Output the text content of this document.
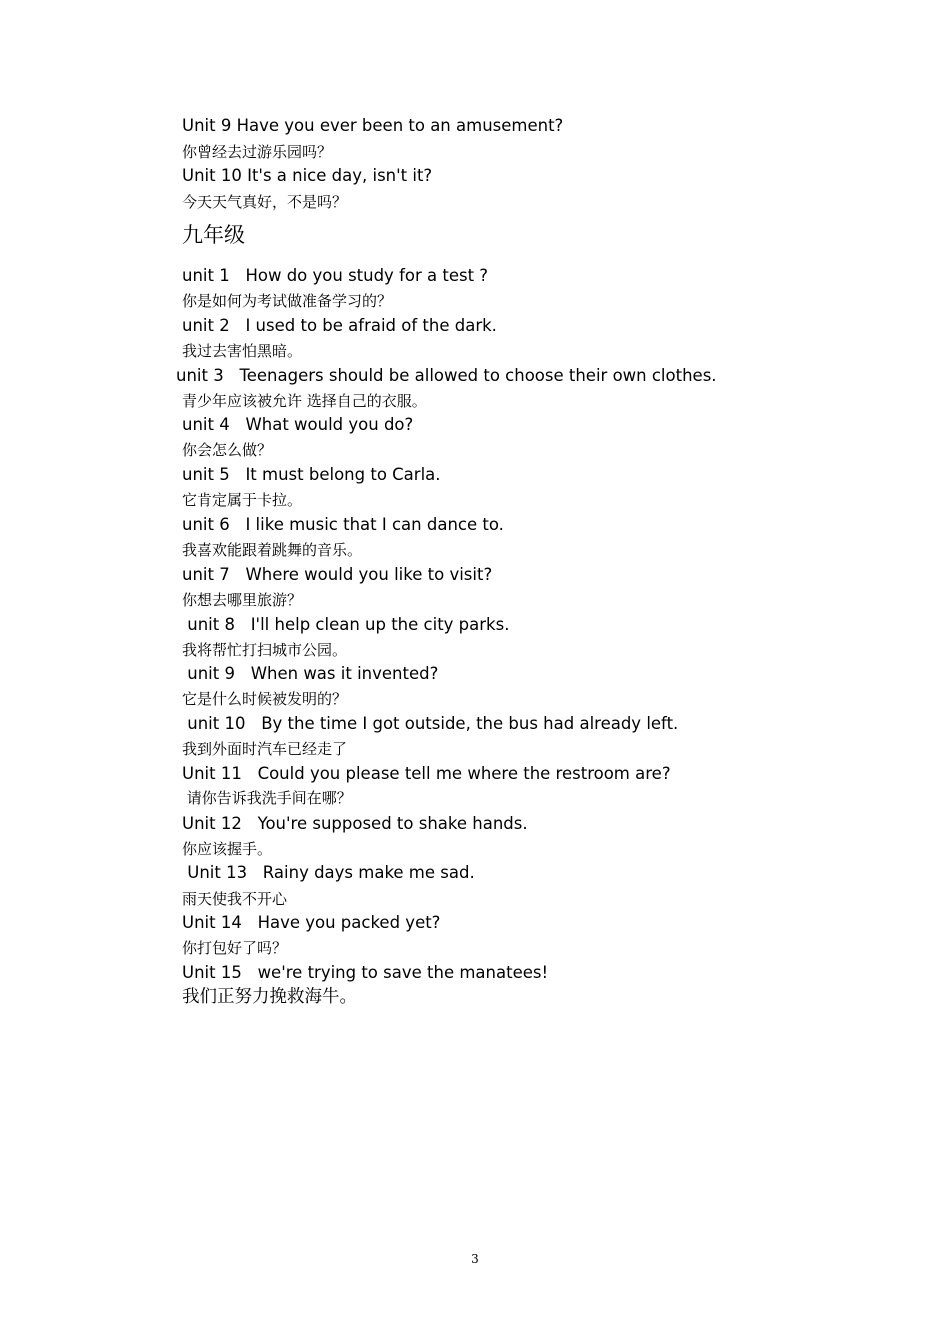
Unit 9 Have you ever been to an amusement?
你曾经去过游乐园吗？
Unit 10 It's a nice day, isn't it?
今天天气真好，不是吗？
九年级
unit 1   How do you study for a test ?
你是如何为考试做准备学习的？
unit 2   I used to be afraid of the dark.
我过去害怕黑暗。
unit 3   Teenagers should be allowed to choose their own clothes.
青少年应该被允许 选择自己的衣服。
unit 4   What would you do?
你会怎么做？
unit 5   It must belong to Carla.
它肯定属于卡拉。
unit 6   I like music that I can dance to.
我喜欢能跟着跳舞的音乐。
unit 7   Where would you like to visit?
你想去哪里旅游？
unit 8   I'll help clean up the city parks.
我将帮忙打扫城市公园。
unit 9   When was it invented?
它是什么时候被发明的？
unit 10   By the time I got outside, the bus had already left.
我到外面时汽车已经走了
Unit 11   Could you please tell me where the restroom are?
请你告诉我洗手间在哪？
Unit 12   You're supposed to shake hands.
你应该握手。
Unit 13   Rainy days make me sad.
雨天使我不开心
Unit 14   Have you packed yet?
你打包好了吗？
Unit 15   we're trying to save the manatees!
我们正努力挽救海牛。
3
